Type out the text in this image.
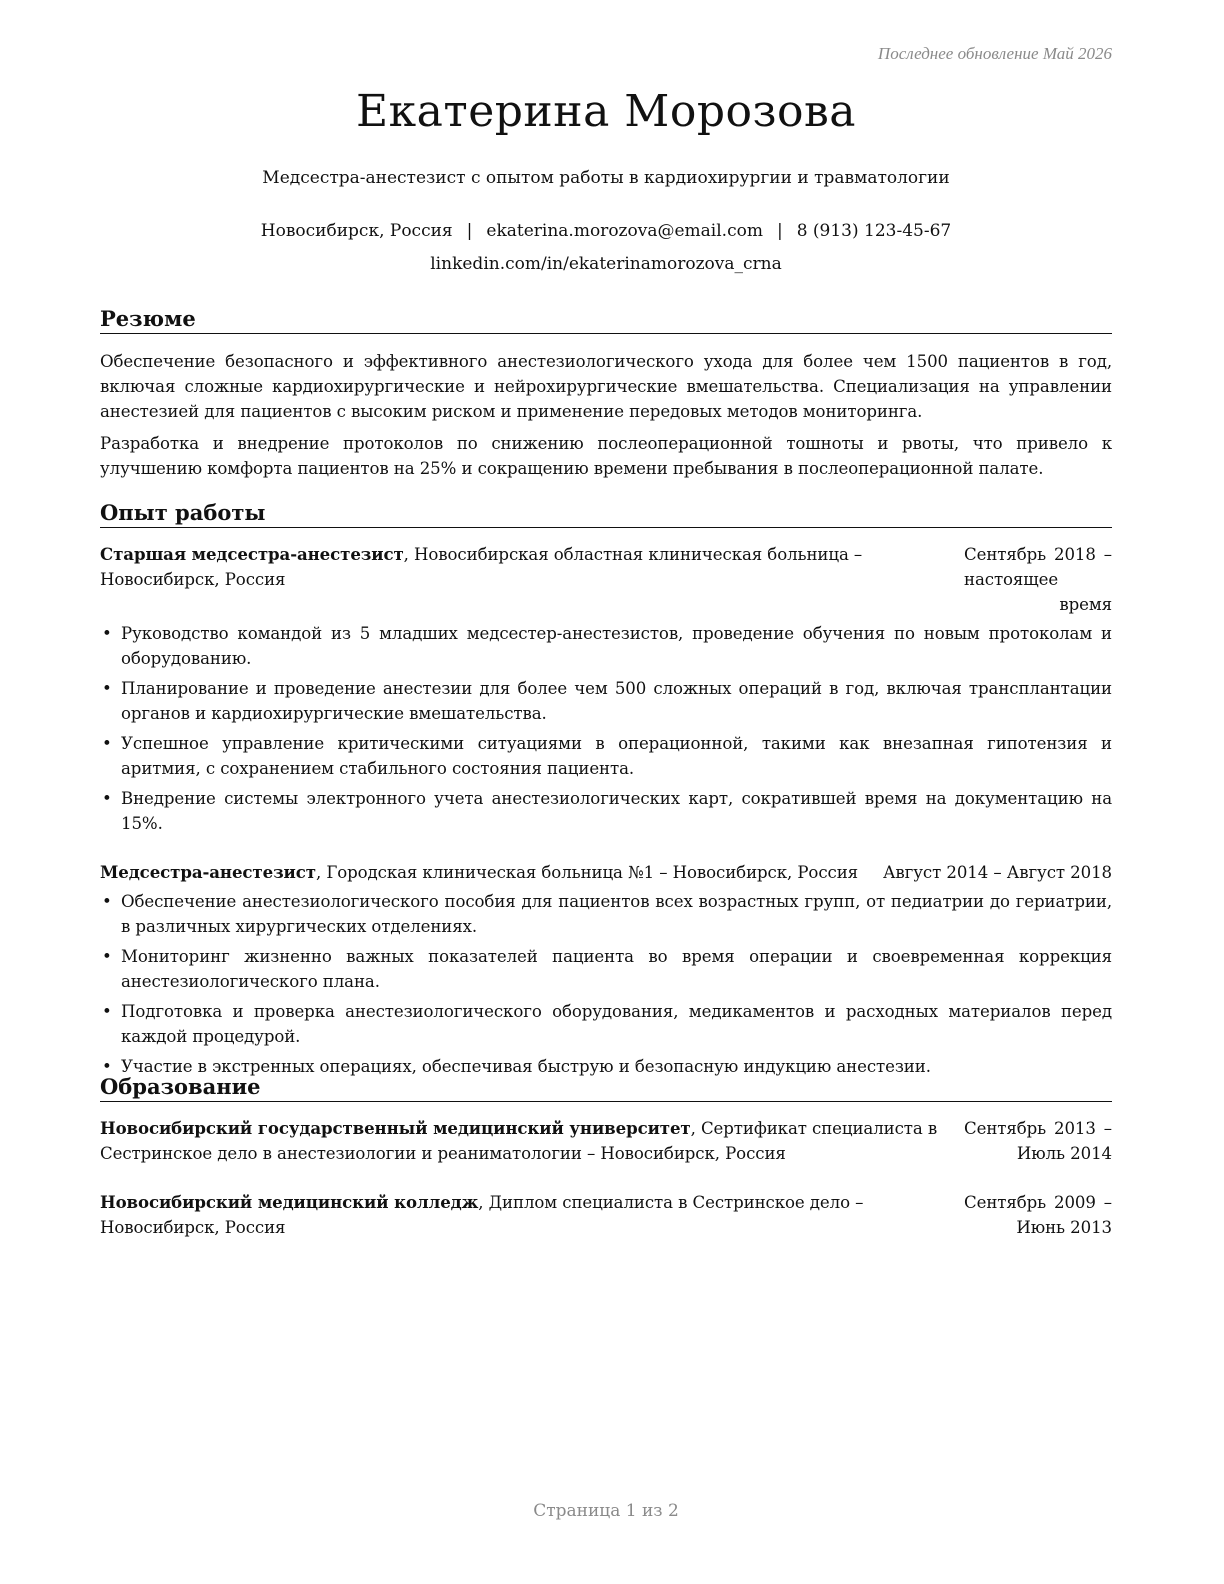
Последнее обновление Май 2026
Екатерина Морозова
Медсестра-анестезист с опытом работы в кардиохирургии и травматологии
Новосибирск, Россия | ekaterina.morozova@email.com | 8 (913) 123-45-67
linkedin.com/in/ekaterinamorozova_crna
Резюме

Обеспечение безопасного и эффективного анестезиологического ухода для более чем 1500 пациентов в год, включая сложные кардиохирургические и нейрохирургические вмешательства. Специализация на управлении анестезией для пациентов с высоким риском и применение передовых методов мониторинга.

Разработка и внедрение протоколов по снижению послеоперационной тошноты и рвоты, что привело к улучшению комфорта пациентов на 25% и сокращению времени пребывания в послеоперационной палате.

Опыт работы
Старшая медсестра-анестезист, Новосибирская областная клиническая больница – Новосибирск, Россия
Сентябрь 2018 – настоящее время
• Руководство командой из 5 младших медсестер-анестезистов, проведение обучения по новым протоколам и оборудованию.
• Планирование и проведение анестезии для более чем 500 сложных операций в год, включая трансплантации органов и кардиохирургические вмешательства.
• Успешное управление критическими ситуациями в операционной, такими как внезапная гипотензия и аритмия, с сохранением стабильного состояния пациента.
• Внедрение системы электронного учета анестезиологических карт, сократившей время на документацию на 15%.
Медсестра-анестезист, Городская клиническая больница №1 – Новосибирск, Россия	Август 2014 – Август 2018
• Обеспечение анестезиологического пособия для пациентов всех возрастных групп, от педиатрии до гериатрии, в различных хирургических отделениях.
• Мониторинг жизненно важных показателей пациента во время операции и своевременная коррекция анестезиологического плана.
• Подготовка и проверка анестезиологического оборудования, медикаментов и расходных материалов перед каждой процедурой.
• Участие в экстренных операциях, обеспечивая быструю и безопасную индукцию анестезии.
Образование
Новосибирский государственный медицинский университет, Сертификат специалиста в Сестринское дело в анестезиологии и реаниматологии – Новосибирск, Россия
Сентябрь 2013 – Июль 2014
Новосибирский медицинский колледж, Диплом специалиста в Сестринское дело – Новосибирск, Россия
Сентябрь 2009 – Июнь 2013
Страница 1 из 2
